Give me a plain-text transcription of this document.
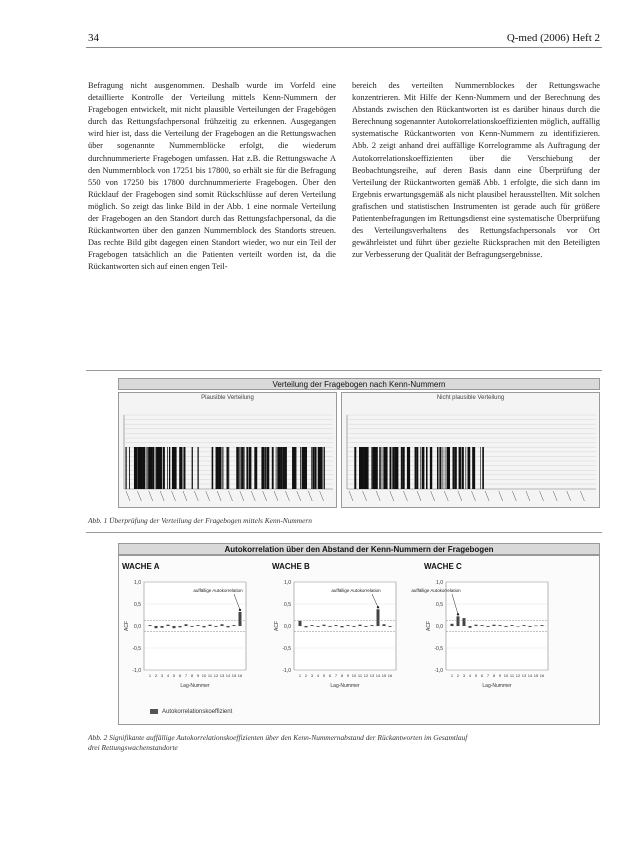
34	Q-med (2006) Heft 2
Befragung nicht ausgenommen. Deshalb wurde im Vorfeld eine detaillierte Kontrolle der Verteilung mittels Kenn-Nummern der Fragebogen entwickelt, mit nicht plausible Verteilungen der Fragebögen durch das Rettungsfachpersonal frühzeitig zu erkennen. Ausgegangen wird hier ist, dass die Verteilung der Fragebogen an die Rettungswachen über sogenannte Nummernblöcke erfolgt, die wiederum durchnummerierte Fragebogen umfassen. Hat z.B. die Rettungswache A den Nummernblock von 17251 bis 17800, so erhält sie für die Befragung 550 von 17250 bis 17800 durchnummerierte Fragebogen. Über den Rücklauf der Fragebogen sind somit Rückschlüsse auf deren Verteilung möglich. So zeigt das linke Bild in der Abb. 1 eine normale Verteilung der Fragebogen an den Standort durch das Rettungsfachpersonal, da die Rückantworten über den ganzen Nummernblock des Standorts streuen. Das rechte Bild gibt dagegen einen Standort wieder, wo nur ein Teil der Fragebogen tatsächlich an die Patienten verteilt worden ist, da die Rückantworten sich auf einen engen Teil-
bereich des verteilten Nummernblockes der Rettungswache konzentrieren. Mit Hilfe der Kenn-Nummern und der Berechnung des Abstands zwischen den Rückantworten ist es darüber hinaus durch die Berechnung sogenannter Autokorrelationskoeffizienten möglich, auffällig systematische Rückantworten von Kenn-Nummern zu identifizieren. Abb. 2 zeigt anhand drei auffällige Korrelogramme als Auftragung der Autokorrelationskoeffizienten über die Verschiebung der Beobachtungsreihe, auf deren Basis dann eine Überprüfung der Verteilung der Rückantworten gemäß Abb. 1 erfolgte, die sich dann im Ergebnis erwartungsgemäß als nicht plausibel herausstellten. Mit solchen grafischen und statistischen Instrumenten ist gerade auch für größere Patientenbefragungen im Rettungsdienst eine systematische Überprüfung des Verteilungsverhaltens des Rettungsfachpersonals vor Ort gewährleistet und führt über gezielte Rücksprachen mit den Beteiligten zur Verbesserung der Qualität der Befragungsergebnisse.
Verteilung der Fragebogen nach Kenn-Nummern
Plausible Verteilung	Nicht plausible Verteilung
Abb. 1 Überprüfung der Verteilung der Fragebogen mittels Kenn-Nummern
Autokorrelation über den Abstand der Kenn-Nummern der Fragebogen
WACHE A	WACHE B	WACHE C
1,0
0,5
0,0
-0,5
-1,0
ACF
1 2 3 4 5 6 7 8 9 10 11 12 13 14 15 16
auffällige Autokorrelation
Lag-Nummer
1,0
0,5
0,0
-0,5
-1,0
ACF
1 2 3 4 5 6 7 8 9 10 11 12 13 14 15 16
auffällige Autokorrelation
Lag-Nummer
1,0
0,5
0,0
-0,5
-1,0
ACF
1 2 3 4 5 6 7 8 9 10 11 12 13 14 15 16
auffällige Autokorrelation
Lag-Nummer
Autokorrelationskoeffizient
Abb. 2 Signifikante auffällige Autokorrelationskoeffizienten über den Kenn-Nummernabstand der Rückantworten im Gesamtlauf
drei Rettungswachenstandorte
